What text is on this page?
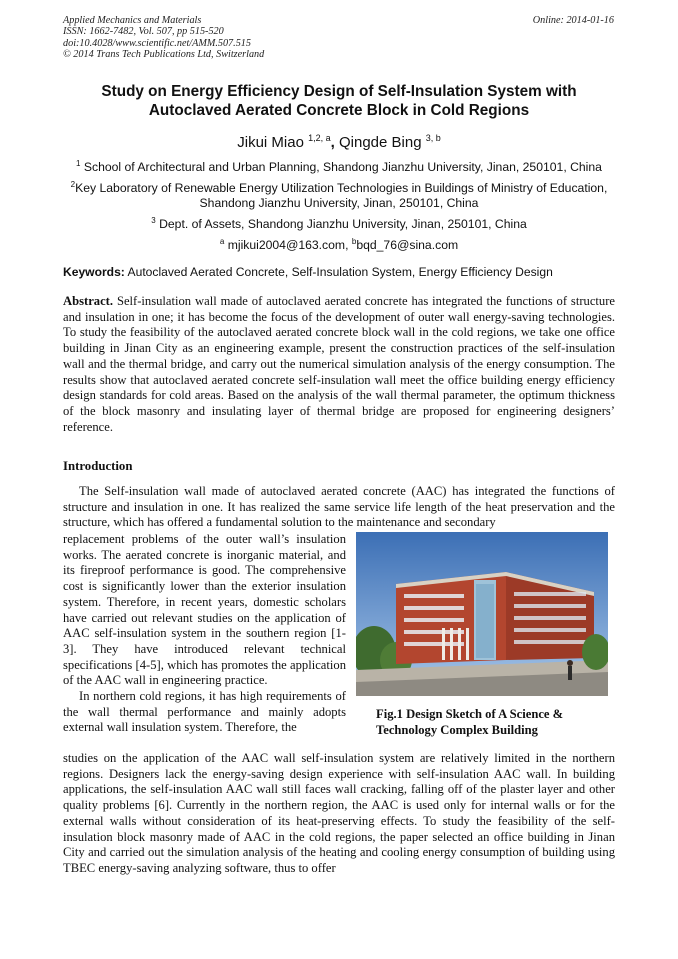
Applied Mechanics and Materials
ISSN: 1662-7482, Vol. 507, pp 515-520
doi:10.4028/www.scientific.net/AMM.507.515
© 2014 Trans Tech Publications Ltd, Switzerland
Online: 2014-01-16
Study on Energy Efficiency Design of Self-Insulation System with
Autoclaved Aerated Concrete Block in Cold Regions
Jikui Miao $^{1,2, a}$, Qingde Bing $^{3, b}$
$^1$ School of Architectural and Urban Planning, Shandong Jianzhu University, Jinan, 250101, China
$^2$Key Laboratory of Renewable Energy Utilization Technologies in Buildings of Ministry of Education,
Shandong Jianzhu University, Jinan, 250101, China
$^3$ Dept. of Assets, Shandong Jianzhu University, Jinan, 250101, China
$^a$ mjikui2004@163.com, $^b$bqd_76@sina.com
Keywords: Autoclaved Aerated Concrete, Self-Insulation System, Energy Efficiency Design
Abstract. Self-insulation wall made of autoclaved aerated concrete has integrated the functions of structure and insulation in one; it has become the focus of the development of outer wall energy-saving technologies. To study the feasibility of the autoclaved aerated concrete block wall in the cold regions, we take one office building in Jinan City as an engineering example, present the construction practices of the self-insulation wall and the thermal bridge, and carry out the numerical simulation analysis of the energy consumption. The results show that autoclaved aerated concrete self-insulation wall meet the office building energy efficiency design standards for cold areas. Based on the analysis of the wall thermal parameter, the optimum thickness of the block masonry and insulating layer of thermal bridge are proposed for engineering designers’ reference.
Introduction
The Self-insulation wall made of autoclaved aerated concrete (AAC) has integrated the functions of structure and insulation in one. It has realized the same service life length of the heat preservation and the structure, which has offered a fundamental solution to the maintenance and secondary

replacement problems of the outer wall’s insulation works. The aerated concrete is inorganic material, and its fireproof performance is good. The comprehensive cost is significantly lower than the exterior insulation system. Therefore, in recent years, domestic scholars have carried out relevant studies on the application of AAC self-insulation system in the southern region [1-3]. They have introduced relevant technical specifications [4-5], which has promotes the application of the AAC wall in engineering practice.

In northern cold regions, it has high requirements of the wall thermal performance and mainly adopts external wall insulation system. Therefore, the

Fig.1 Design Sketch of A Science &
Technology Complex Building
studies on the application of the AAC wall self-insulation system are relatively limited in the northern regions. Designers lack the energy-saving design experience with self-insulation AAC wall. In building applications, the self-insulation AAC wall still faces wall cracking, falling off of the plaster layer and other quality problems [6]. Currently in the northern region, the AAC is used only for internal walls or for the external walls without consideration of its heat-preserving effects. To study the feasibility of the self-insulation block masonry made of AAC in the cold regions, the paper selected an office building in Jinan City and carried out the simulation analysis of the heating and cooling energy consumption of building using TBEC energy-saving analyzing software, thus to offer
